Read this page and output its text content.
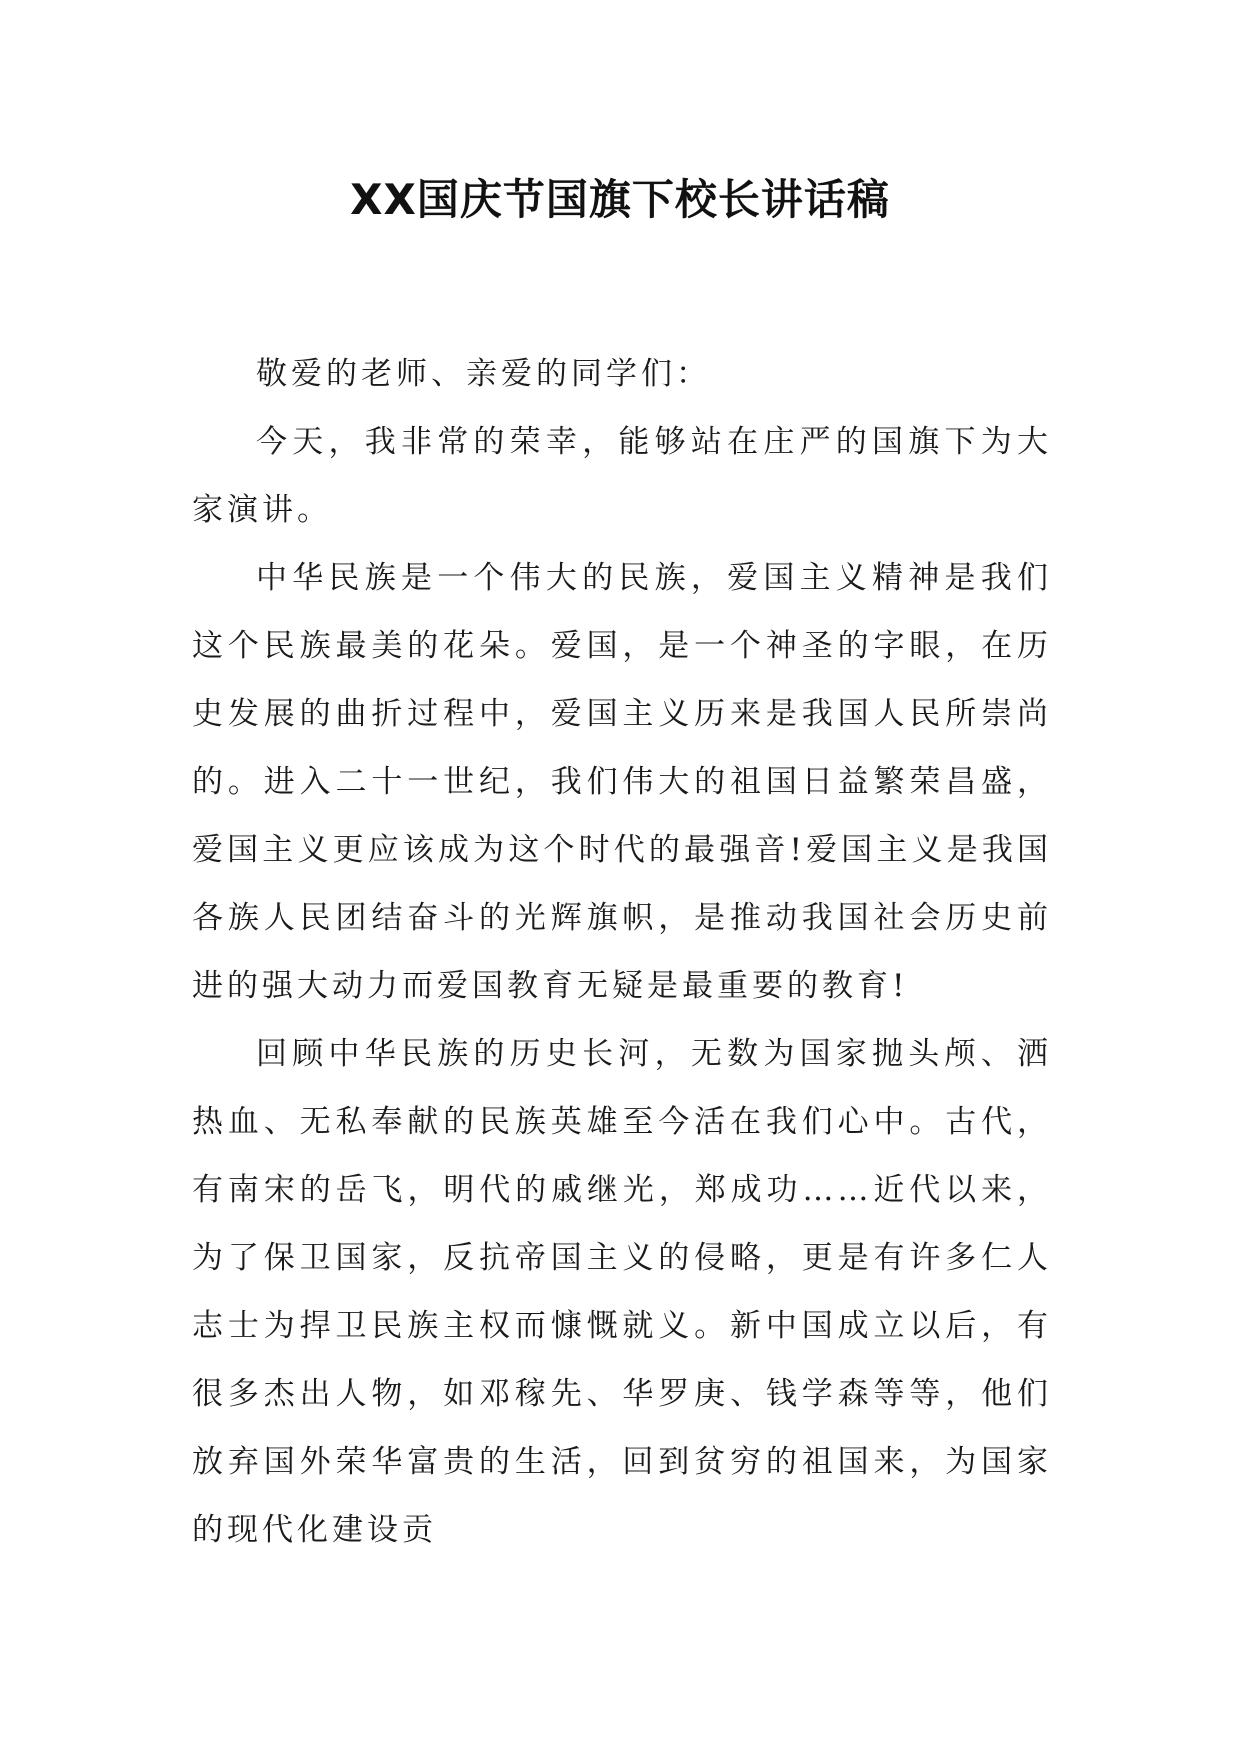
XX国庆节国旗下校长讲话稿

敬爱的老师、亲爱的同学们：

今天，我非常的荣幸，能够站在庄严的国旗下为大家演讲。

中华民族是一个伟大的民族，爱国主义精神是我们这个民族最美的花朵。爱国，是一个神圣的字眼，在历史发展的曲折过程中，爱国主义历来是我国人民所崇尚的。进入二十一世纪，我们伟大的祖国日益繁荣昌盛，爱国主义更应该成为这个时代的最强音!爱国主义是我国各族人民团结奋斗的光辉旗帜，是推动我国社会历史前进的强大动力而爱国教育无疑是最重要的教育!

回顾中华民族的历史长河，无数为国家抛头颅、洒热血、无私奉献的民族英雄至今活在我们心中。古代，有南宋的岳飞，明代的戚继光，郑成功……近代以来，为了保卫国家，反抗帝国主义的侵略，更是有许多仁人志士为捍卫民族主权而慷慨就义。新中国成立以后，有很多杰出人物，如邓稼先、华罗庚、钱学森等等，他们放弃国外荣华富贵的生活，回到贫穷的祖国来，为国家的现代化建设贡
